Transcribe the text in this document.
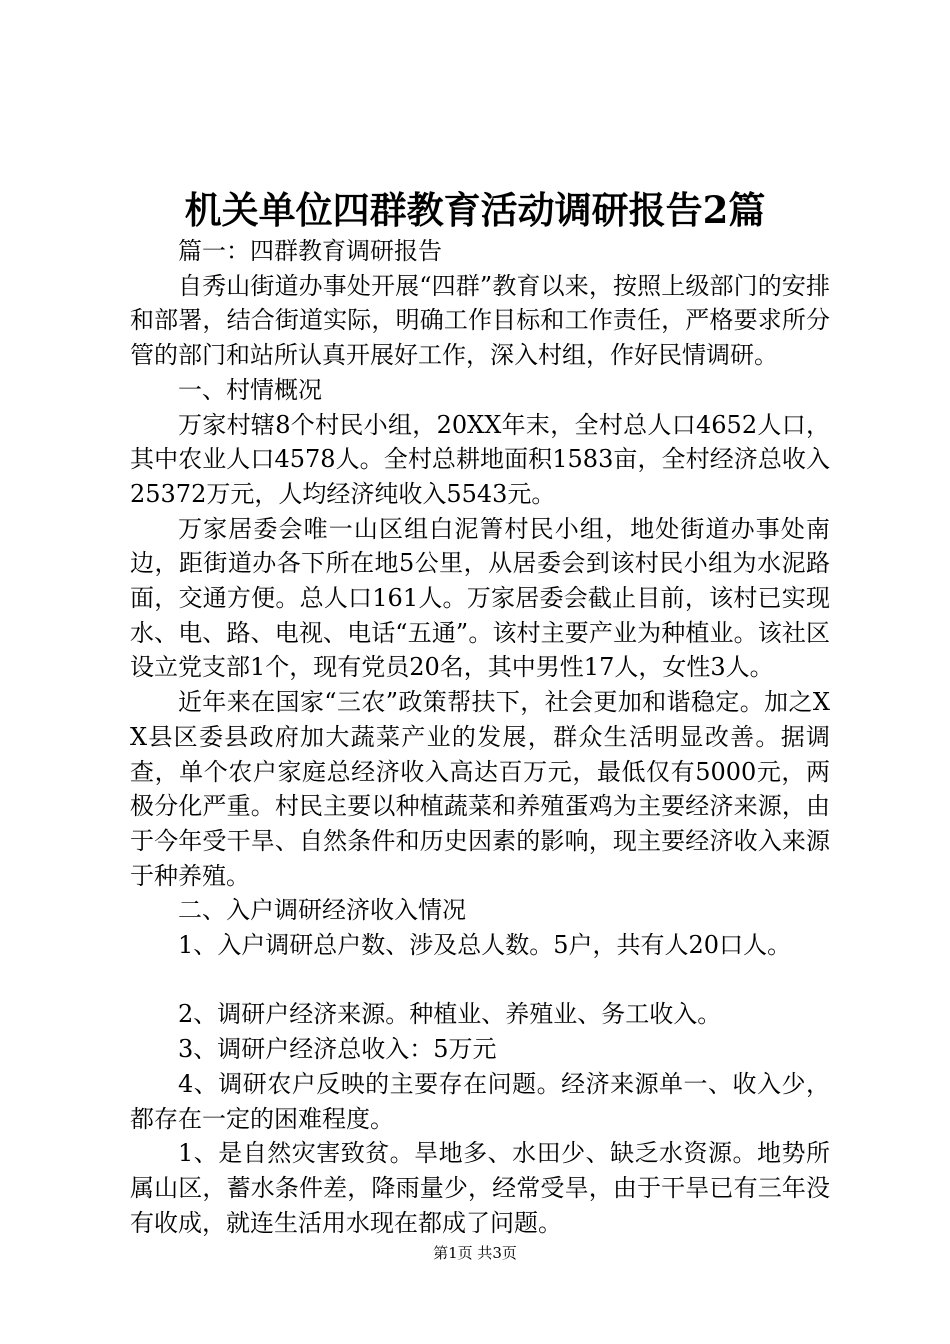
机关单位四群教育活动调研报告2篇

篇一：四群教育调研报告

自秀山街道办事处开展“四群”教育以来，按照上级部门的安排和部署，结合街道实际，明确工作目标和工作责任，严格要求所分管的部门和站所认真开展好工作，深入村组，作好民情调研。

一、村情概况

万家村辖8个村民小组，20XX年末，全村总人口4652人口，其中农业人口4578人。全村总耕地面积1583亩，全村经济总收入25372万元，人均经济纯收入5543元。

万家居委会唯一山区组白泥箐村民小组，地处街道办事处南边，距街道办各下所在地5公里，从居委会到该村民小组为水泥路面，交通方便。总人口161人。万家居委会截止目前，该村已实现水、电、路、电视、电话“五通”。该村主要产业为种植业。该社区设立党支部1个，现有党员20名，其中男性17人，女性3人。

近年来在国家“三农”政策帮扶下，社会更加和谐稳定。加之XX县区委县政府加大蔬菜产业的发展，群众生活明显改善。据调查，单个农户家庭总经济收入高达百万元，最低仅有5000元，两极分化严重。村民主要以种植蔬菜和养殖蛋鸡为主要经济来源，由于今年受干旱、自然条件和历史因素的影响，现主要经济收入来源于种养殖。

二、入户调研经济收入情况

1、入户调研总户数、涉及总人数。5户，共有人20口人。

2、调研户经济来源。种植业、养殖业、务工收入。

3、调研户经济总收入：5万元

4、调研农户反映的主要存在问题。经济来源单一、收入少，都存在一定的困难程度。

1、是自然灾害致贫。旱地多、水田少、缺乏水资源。地势所属山区，蓄水条件差，降雨量少，经常受旱，由于干旱已有三年没有收成，就连生活用水现在都成了问题。

第1页 共3页
